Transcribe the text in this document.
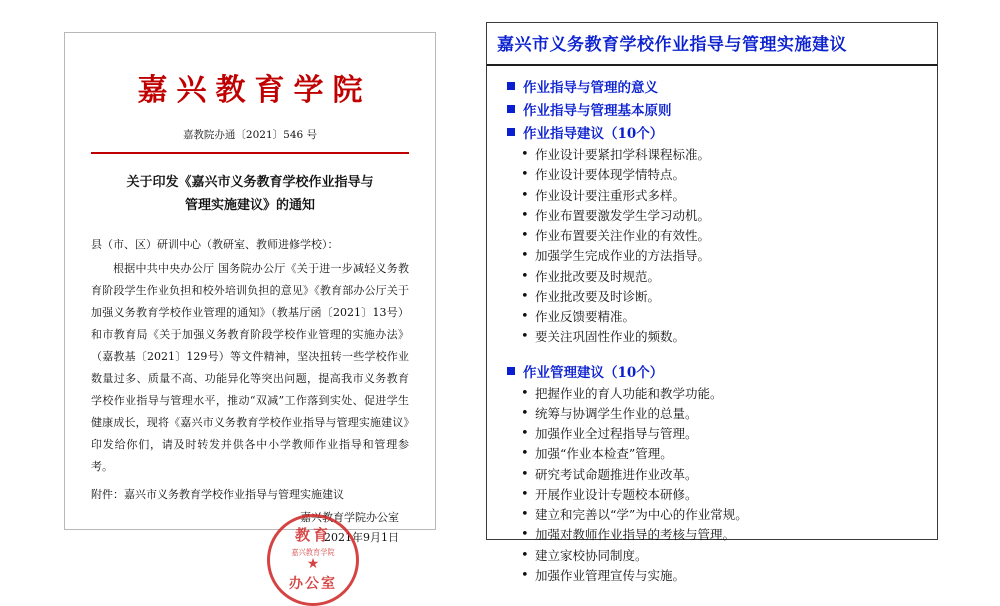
嘉兴教育学院
嘉教院办通〔2021〕546 号
关于印发《嘉兴市义务教育学校作业指导与
管理实施建议》的通知
县（市、区）研训中心（教研室、教师进修学校）：

根据中共中央办公厅 国务院办公厅《关于进一步减轻义务教育阶段学生作业负担和校外培训负担的意见》《教育部办公厅关于加强义务教育学校作业管理的通知》（教基厅函〔2021〕13号）和市教育局《关于加强义务教育阶段学校作业管理的实施办法》（嘉教基〔2021〕129号）等文件精神，坚决扭转一些学校作业数量过多、质量不高、功能异化等突出问题，提高我市义务教育学校作业指导与管理水平，推动“双减”工作落到实处、促进学生健康成长，现将《嘉兴市义务教育学校作业指导与管理实施建议》印发给你们，请及时转发并供各中小学教师作业指导和管理参考。

附件：嘉兴市义务教育学校作业指导与管理实施建议
嘉兴教育学院办公室
2021年9月1日
教育
嘉兴教育学院
★
办公室
嘉兴市义务教育学校作业指导与管理实施建议
作业指导与管理的意义
作业指导与管理基本原则
作业指导建议（10个）
• 作业设计要紧扣学科课程标准。
• 作业设计要体现学情特点。
• 作业设计要注重形式多样。
• 作业布置要激发学生学习动机。
• 作业布置要关注作业的有效性。
• 加强学生完成作业的方法指导。
• 作业批改要及时规范。
• 作业批改要及时诊断。
• 作业反馈要精准。
• 要关注巩固性作业的频数。
作业管理建议（10个）
• 把握作业的育人功能和教学功能。
• 统筹与协调学生作业的总量。
• 加强作业全过程指导与管理。
• 加强“作业本检查”管理。
• 研究考试命题推进作业改革。
• 开展作业设计专题校本研修。
• 建立和完善以“学”为中心的作业常规。
• 加强对教师作业指导的考核与管理。
• 建立家校协同制度。
• 加强作业管理宣传与实施。
